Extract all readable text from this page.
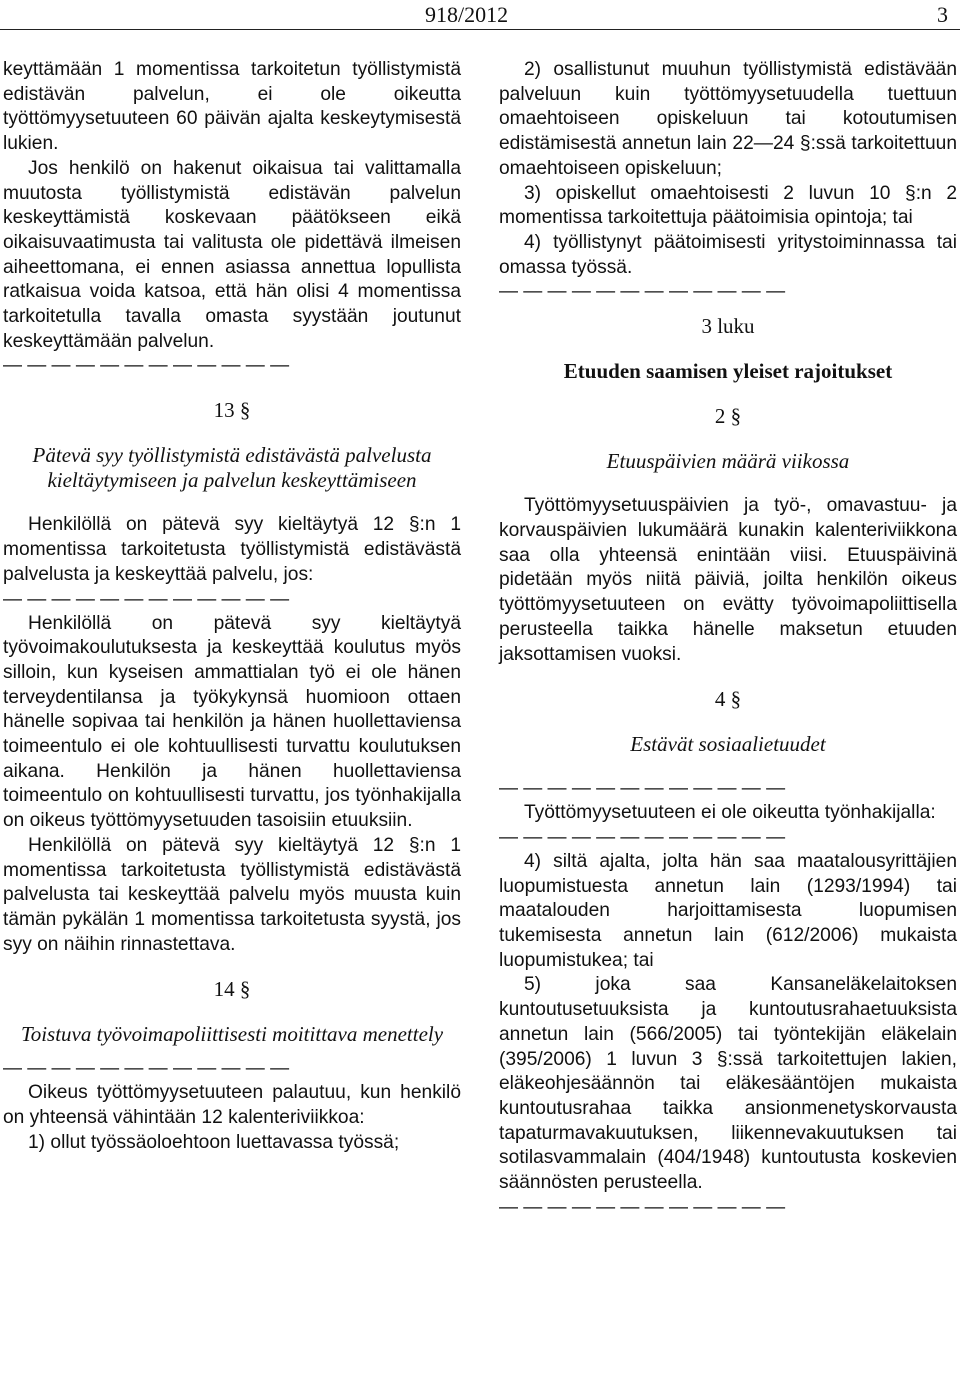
918/2012	3

keyttämään 1 momentissa tarkoitetun työllistymistä edistävän palvelun, ei ole oikeutta työttömyysetuuteen 60 päivän ajalta keskeytymisestä lukien.

Jos henkilö on hakenut oikaisua tai valittamalla muutosta työllistymistä edistävän palvelun keskeyttämistä koskevaan päätökseen eikä oikaisuvaatimusta tai valitusta ole pidettävä ilmeisen aiheettomana, ei ennen asiassa annettua lopullista ratkaisua voida katsoa, että hän olisi 4 momentissa tarkoitetulla tavalla omasta syystään joutunut keskeyttämään palvelun.

— — — — — — — — — — — —

13 §

Pätevä syy työllistymistä edistävästä palvelusta kieltäytymiseen ja palvelun keskeyttämiseen

Henkilöllä on pätevä syy kieltäytyä 12 §:n 1 momentissa tarkoitetusta työllistymistä edistävästä palvelusta ja keskeyttää palvelu, jos:

— — — — — — — — — — — —

Henkilöllä on pätevä syy kieltäytyä työvoimakoulutuksesta ja keskeyttää koulutus myös silloin, kun kyseisen ammattialan työ ei ole hänen terveydentilansa ja työkykynsä huomioon ottaen hänelle sopivaa tai henkilön ja hänen huollettaviensa toimeentulo ei ole kohtuullisesti turvattu koulutuksen aikana. Henkilön ja hänen huollettaviensa toimeentulo on kohtuullisesti turvattu, jos työnhakijalla on oikeus työttömyysetuuden tasoisiin etuuksiin.

Henkilöllä on pätevä syy kieltäytyä 12 §:n 1 momentissa tarkoitetusta työllistymistä edistävästä palvelusta tai keskeyttää palvelu myös muusta kuin tämän pykälän 1 momentissa tarkoitetusta syystä, jos syy on näihin rinnastettava.

14 §

Toistuva työvoimapoliittisesti moitittava menettely

— — — — — — — — — — — —

Oikeus työttömyysetuuteen palautuu, kun henkilö on yhteensä vähintään 12 kalenteriviikkoa:

1) ollut työssäoloehtoon luettavassa työssä;

2) osallistunut muuhun työllistymistä edistävään palveluun kuin työttömyysetuudella tuettuun omaehtoiseen opiskeluun tai kotoutumisen edistämisestä annetun lain 22—24 §:ssä tarkoitettuun omaehtoiseen opiskeluun;

3) opiskellut omaehtoisesti 2 luvun 10 §:n 2 momentissa tarkoitettuja päätoimisia opintoja; tai

4) työllistynyt päätoimisesti yritystoiminnassa tai omassa työssä.

— — — — — — — — — — — —

3 luku

Etuuden saamisen yleiset rajoitukset

2 §

Etuuspäivien määrä viikossa

Työttömyysetuuspäivien ja työ-, omavastuu- ja korvauspäivien lukumäärä kunakin kalenteriviikkona saa olla yhteensä enintään viisi. Etuuspäivinä pidetään myös niitä päiviä, joilta henkilön oikeus työttömyysetuuteen on evätty työvoimapoliittisella perusteella taikka hänelle maksetun etuuden jaksottamisen vuoksi.

4 §

Estävät sosiaalietuudet

— — — — — — — — — — — —

Työttömyysetuuteen ei ole oikeutta työnhakijalla:

— — — — — — — — — — — —

4) siltä ajalta, jolta hän saa maatalousyrittäjien luopumistuesta annetun lain (1293/1994) tai maatalouden harjoittamisesta luopumisen tukemisesta annetun lain (612/2006) mukaista luopumistukea; tai

5) joka saa Kansaneläkelaitoksen kuntoutusetuuksista ja kuntoutusrahaetuuksista annetun lain (566/2005) tai työntekijän eläkelain (395/2006) 1 luvun 3 §:ssä tarkoitettujen lakien, eläkeohjesäännön tai eläkesääntöjen mukaista kuntoutusrahaa taikka ansionmenetyskorvausta tapaturmavakuutuksen, liikennevakuutuksen tai sotilasvammalain (404/1948) kuntoutusta koskevien säännösten perusteella.

— — — — — — — — — — — —
